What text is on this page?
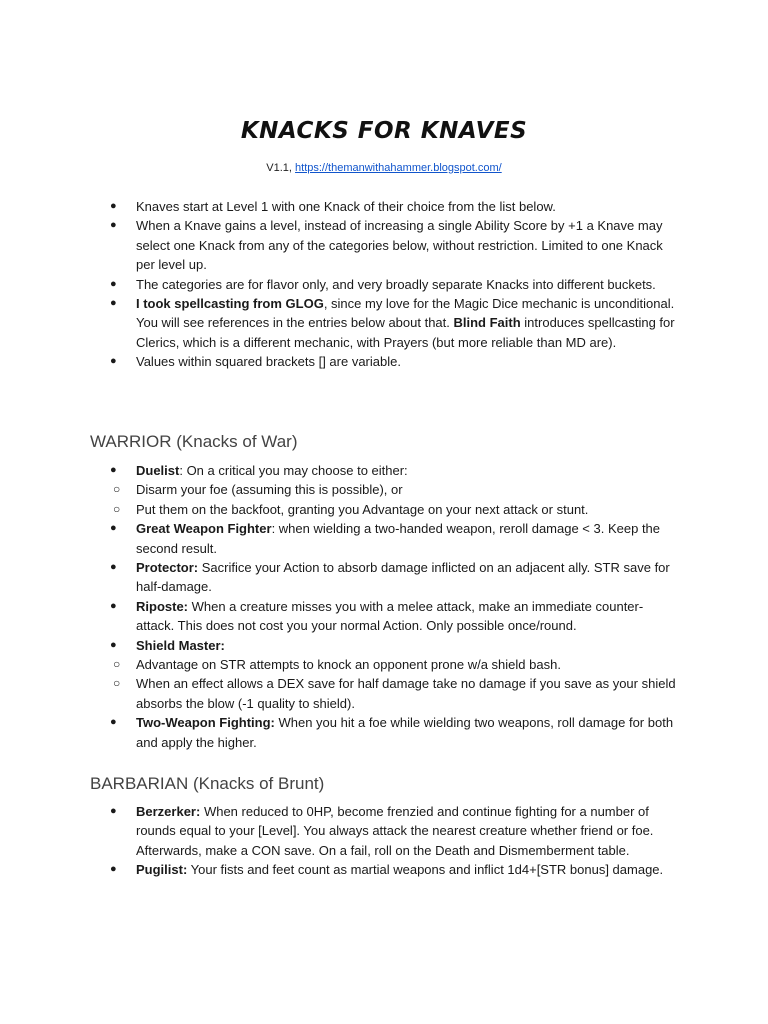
KNACKS FOR KNAVES
V1.1, https://themanwithahammer.blogspot.com/
● Knaves start at Level 1 with one Knack of their choice from the list below.
● When a Knave gains a level, instead of increasing a single Ability Score by +1 a Knave may select one Knack from any of the categories below, without restriction. Limited to one Knack per level up.
● The categories are for flavor only, and very broadly separate Knacks into different buckets.
● I took spellcasting from GLOG, since my love for the Magic Dice mechanic is unconditional. You will see references in the entries below about that. Blind Faith introduces spellcasting for Clerics, which is a different mechanic, with Prayers (but more reliable than MD are).
● Values within squared brackets [] are variable.
WARRIOR (Knacks of War)
● Duelist: On a critical you may choose to either:
○ Disarm your foe (assuming this is possible), or
○ Put them on the backfoot, granting you Advantage on your next attack or stunt.
● Great Weapon Fighter: when wielding a two-handed weapon, reroll damage < 3. Keep the second result.
● Protector: Sacrifice your Action to absorb damage inflicted on an adjacent ally. STR save for half-damage.
● Riposte: When a creature misses you with a melee attack, make an immediate counter-attack. This does not cost you your normal Action. Only possible once/round.
● Shield Master:
○ Advantage on STR attempts to knock an opponent prone w/a shield bash.
○ When an effect allows a DEX save for half damage take no damage if you save as your shield absorbs the blow (-1 quality to shield).
● Two-Weapon Fighting: When you hit a foe while wielding two weapons, roll damage for both and apply the higher.
BARBARIAN (Knacks of Brunt)
● Berzerker: When reduced to 0HP, become frenzied and continue fighting for a number of rounds equal to your [Level]. You always attack the nearest creature whether friend or foe. Afterwards, make a CON save. On a fail, roll on the Death and Dismemberment table.
● Pugilist: Your fists and feet count as martial weapons and inflict 1d4+[STR bonus] damage.
